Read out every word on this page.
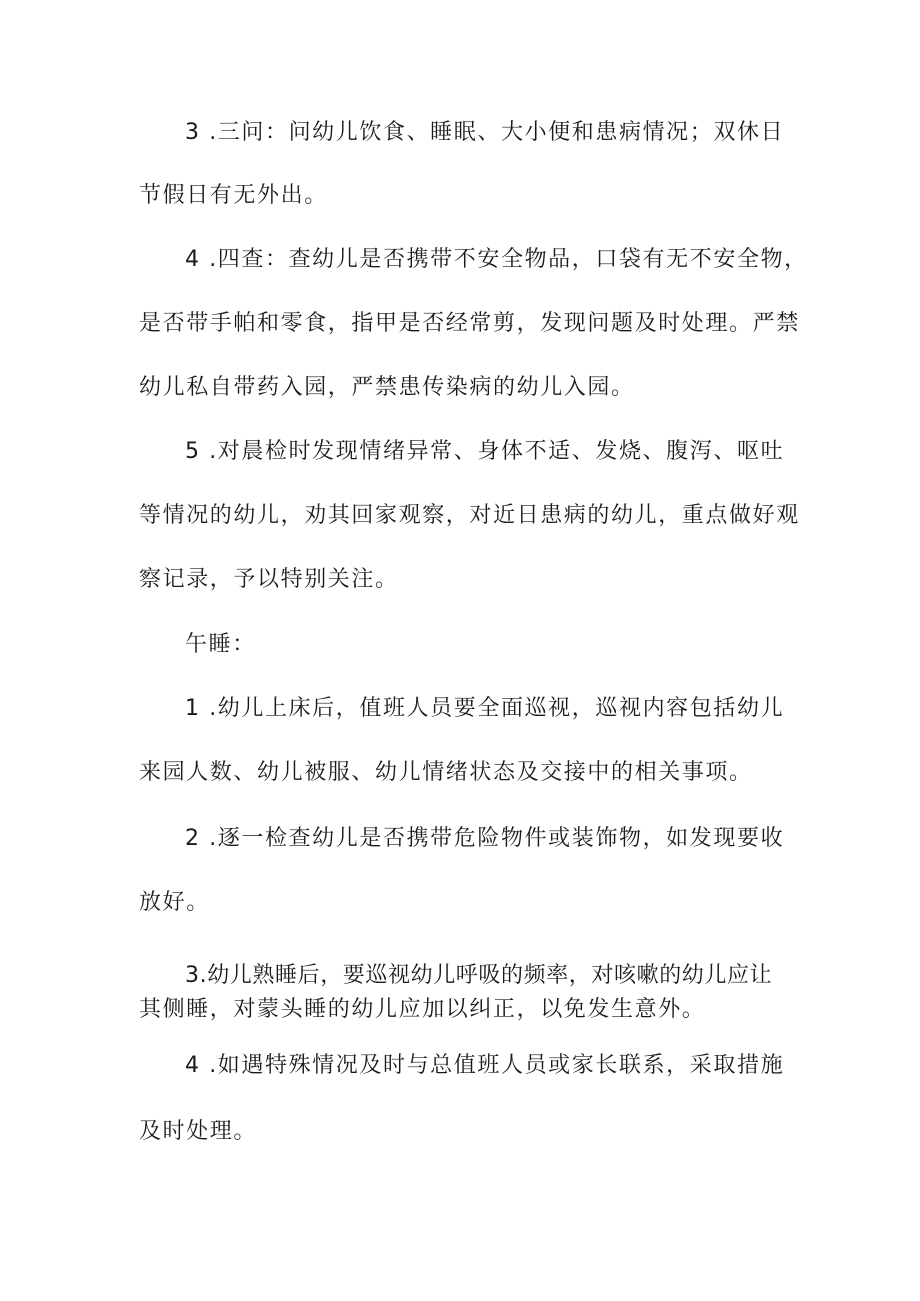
3 .三问：问幼儿饮食、睡眠、大小便和患病情况；双休日
节假日有无外出。
4 .四查：查幼儿是否携带不安全物品，口袋有无不安全物，
是否带手帕和零食，指甲是否经常剪，发现问题及时处理。严禁
幼儿私自带药入园，严禁患传染病的幼儿入园。
5 .对晨检时发现情绪异常、身体不适、发烧、腹泻、呕吐
等情况的幼儿，劝其回家观察，对近日患病的幼儿，重点做好观
察记录，予以特别关注。
午睡：
1 .幼儿上床后，值班人员要全面巡视，巡视内容包括幼儿
来园人数、幼儿被服、幼儿情绪状态及交接中的相关事项。
2 .逐一检查幼儿是否携带危险物件或装饰物，如发现要收
放好。
3.幼儿熟睡后，要巡视幼儿呼吸的频率，对咳嗽的幼儿应让
其侧睡，对蒙头睡的幼儿应加以纠正，以免发生意外。
4 .如遇特殊情况及时与总值班人员或家长联系，采取措施
及时处理。
